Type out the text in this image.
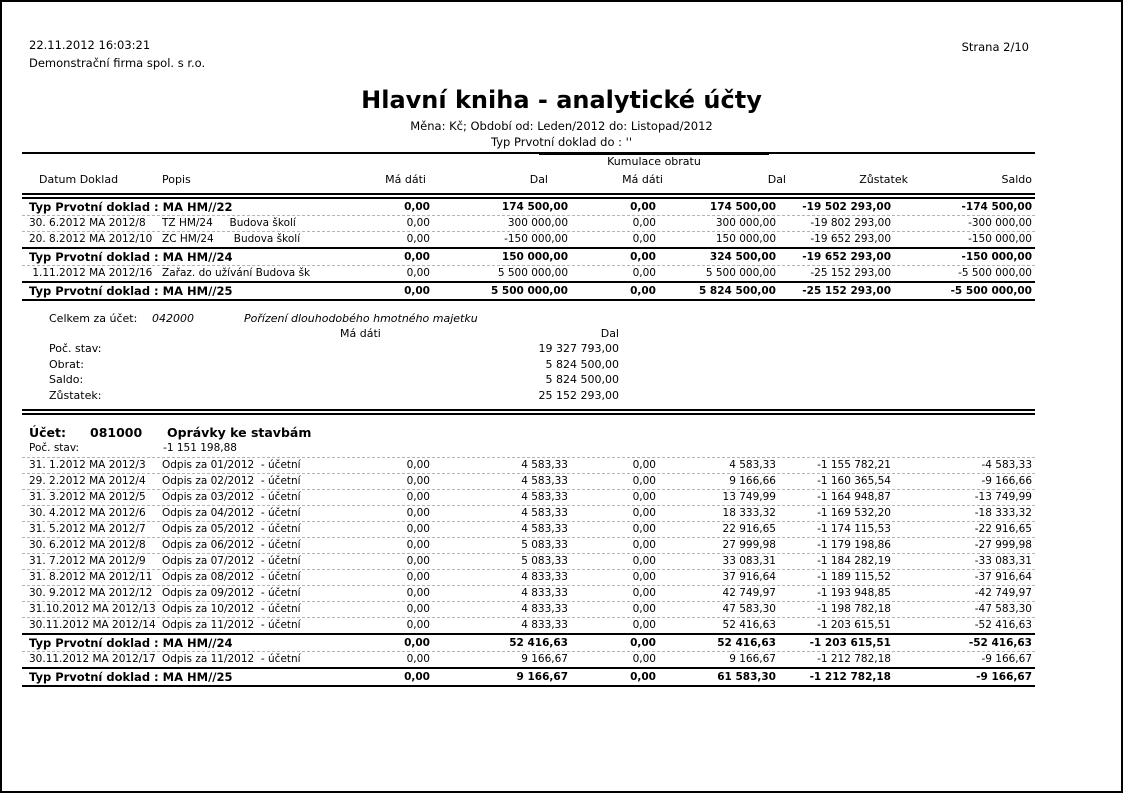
22.11.2012 16:03:21
Demonstrační firma spol. s r.o.
Strana 2/10
Hlavní kniha - analytické účty
Měna: Kč; Období od: Leden/2012 do: Listopad/2012
Typ Prvotní doklad do : ''
Kumulace obratu
Datum Doklad	Popis	Má dáti	Dal	Má dáti	Dal	Zůstatek	Saldo
Typ Prvotní doklad : MA HM//22	0,00	174 500,00	0,00	174 500,00	-19 502 293,00	-174 500,00
30. 6.2012 MA 2012/8	TZ HM/24     Budova školí	0,00	300 000,00	0,00	300 000,00	-19 802 293,00	-300 000,00
20. 8.2012 MA 2012/10 ZC HM/24      Budova školí	0,00	-150 000,00	0,00	150 000,00	-19 652 293,00	-150 000,00
Typ Prvotní doklad : MA HM//24	0,00	150 000,00	0,00	324 500,00	-19 652 293,00	-150 000,00
1.11.2012 MA 2012/16 Zařaz. do užívání Budova šk	0,00	5 500 000,00	0,00	5 500 000,00	-25 152 293,00	-5 500 000,00
Typ Prvotní doklad : MA HM//25	0,00	5 500 000,00	0,00	5 824 500,00	-25 152 293,00	-5 500 000,00
Celkem za účet: 042000	Pořízení dlouhodobého hmotného majetku
Má dáti	Dal
Poč. stav:	19 327 793,00
Obrat:	5 824 500,00
Saldo:	5 824 500,00
Zůstatek:	25 152 293,00
Účet: 081000 Oprávky ke stavbám
Poč. stav:	-1 151 198,88
31. 1.2012 MA 2012/3	Odpis za 01/2012  - účetní	0,00	4 583,33	0,00	4 583,33	-1 155 782,21	-4 583,33
29. 2.2012 MA 2012/4	Odpis za 02/2012  - účetní	0,00	4 583,33	0,00	9 166,66	-1 160 365,54	-9 166,66
31. 3.2012 MA 2012/5	Odpis za 03/2012  - účetní	0,00	4 583,33	0,00	13 749,99	-1 164 948,87	-13 749,99
30. 4.2012 MA 2012/6	Odpis za 04/2012  - účetní	0,00	4 583,33	0,00	18 333,32	-1 169 532,20	-18 333,32
31. 5.2012 MA 2012/7	Odpis za 05/2012  - účetní	0,00	4 583,33	0,00	22 916,65	-1 174 115,53	-22 916,65
30. 6.2012 MA 2012/8	Odpis za 06/2012  - účetní	0,00	5 083,33	0,00	27 999,98	-1 179 198,86	-27 999,98
31. 7.2012 MA 2012/9	Odpis za 07/2012  - účetní	0,00	5 083,33	0,00	33 083,31	-1 184 282,19	-33 083,31
31. 8.2012 MA 2012/11 Odpis za 08/2012  - účetní	0,00	4 833,33	0,00	37 916,64	-1 189 115,52	-37 916,64
30. 9.2012 MA 2012/12 Odpis za 09/2012  - účetní	0,00	4 833,33	0,00	42 749,97	-1 193 948,85	-42 749,97
31.10.2012 MA 2012/13 Odpis za 10/2012  - účetní	0,00	4 833,33	0,00	47 583,30	-1 198 782,18	-47 583,30
30.11.2012 MA 2012/14 Odpis za 11/2012  - účetní	0,00	4 833,33	0,00	52 416,63	-1 203 615,51	-52 416,63
Typ Prvotní doklad : MA HM//24	0,00	52 416,63	0,00	52 416,63	-1 203 615,51	-52 416,63
30.11.2012 MA 2012/17 Odpis za 11/2012  - účetní	0,00	9 166,67	0,00	9 166,67	-1 212 782,18	-9 166,67
Typ Prvotní doklad : MA HM//25	0,00	9 166,67	0,00	61 583,30	-1 212 782,18	-9 166,67
